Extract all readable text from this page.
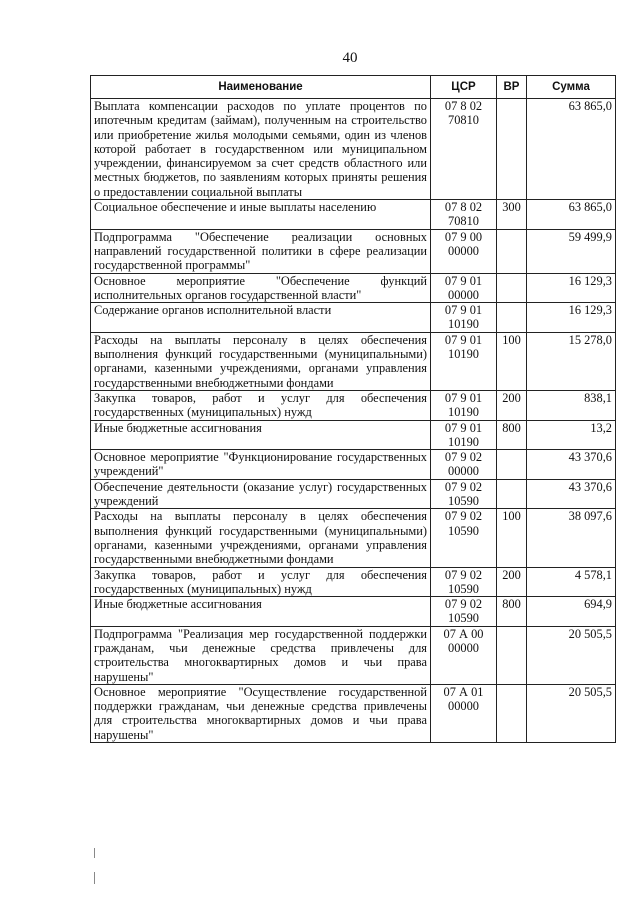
40
Наименование	ЦСР	ВР	Сумма
Выплата компенсации расходов по уплате процентов по ипотечным кредитам (займам), полученным на строительство или приобретение жилья молодыми семьями, один из членов которой работает в государственном или муниципальном учреждении, финансируемом за счет средств областного или местных бюджетов, по заявлениям которых приняты решения о предоставлении социальной выплаты	07 8 02 70810		63 865,0
Социальное обеспечение и иные выплаты населению	07 8 02 70810	300	63 865,0
Подпрограмма "Обеспечение реализации основных направлений государственной политики в сфере реализации государственной программы"	07 9 00 00000		59 499,9
Основное мероприятие "Обеспечение функций исполнительных органов государственной власти"	07 9 01 00000		16 129,3
Содержание органов исполнительной власти	07 9 01 10190		16 129,3
Расходы на выплаты персоналу в целях обеспечения выполнения функций государственными (муниципальными) органами, казенными учреждениями, органами управления государственными внебюджетными фондами	07 9 01 10190	100	15 278,0
Закупка товаров, работ и услуг для обеспечения государственных (муниципальных) нужд	07 9 01 10190	200	838,1
Иные бюджетные ассигнования	07 9 01 10190	800	13,2
Основное мероприятие "Функционирование государственных учреждений"	07 9 02 00000		43 370,6
Обеспечение деятельности (оказание услуг) государственных учреждений	07 9 02 10590		43 370,6
Расходы на выплаты персоналу в целях обеспечения выполнения функций государственными (муниципальными) органами, казенными учреждениями, органами управления государственными внебюджетными фондами	07 9 02 10590	100	38 097,6
Закупка товаров, работ и услуг для обеспечения государственных (муниципальных) нужд	07 9 02 10590	200	4 578,1
Иные бюджетные ассигнования	07 9 02 10590	800	694,9
Подпрограмма "Реализация мер государственной поддержки гражданам, чьи денежные средства привлечены для строительства многоквартирных домов и чьи права нарушены"	07 А 00 00000		20 505,5
Основное мероприятие "Осуществление государственной поддержки гражданам, чьи денежные средства привлечены для строительства многоквартирных домов и чьи права нарушены"	07 А 01 00000		20 505,5
